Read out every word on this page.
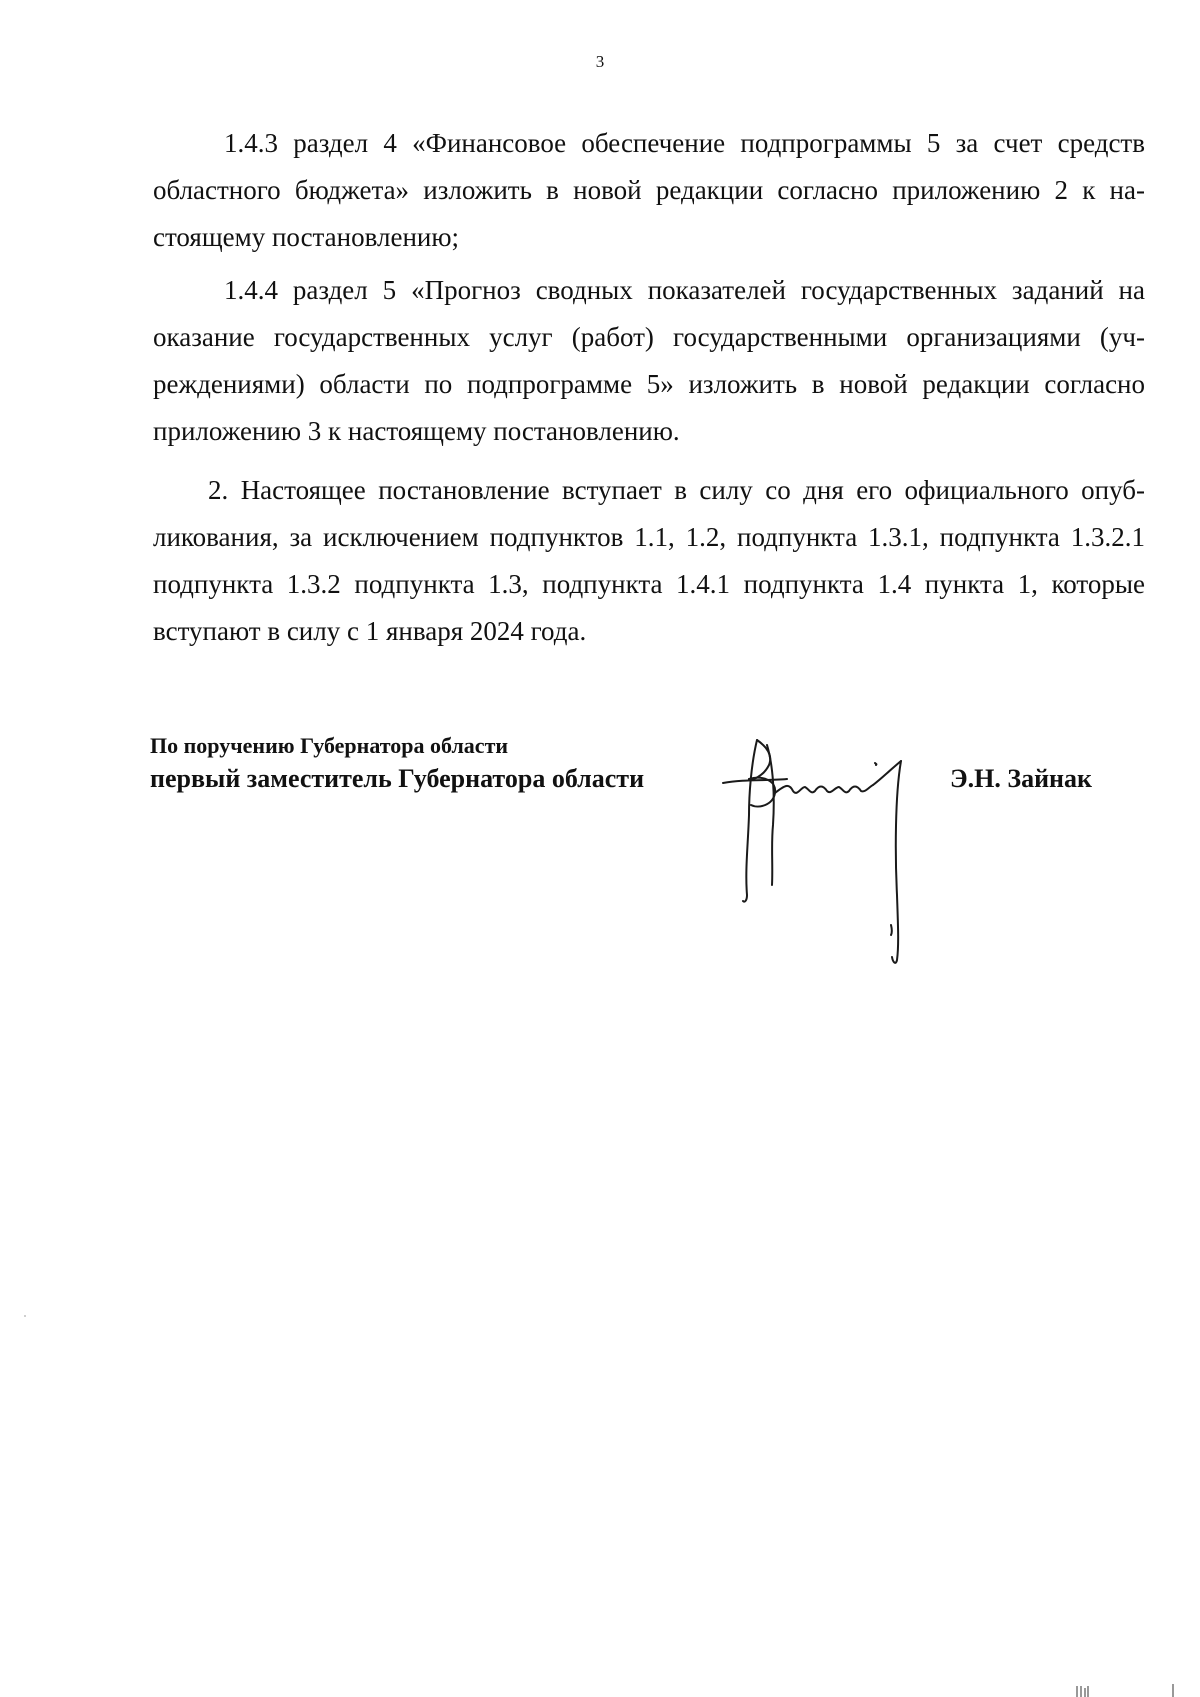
3

1.4.3 раздел 4 «Финансовое обеспечение подпрограммы 5 за счет средств областного бюджета» изложить в новой редакции согласно приложению 2 к настоящему постановлению;

1.4.4 раздел 5 «Прогноз сводных показателей государственных заданий на оказание государственных услуг (работ) государственными организациями (учреждениями) области по подпрограмме 5» изложить в новой редакции согласно приложению 3 к настоящему постановлению.

2. Настоящее постановление вступает в силу со дня его официального опубликования, за исключением подпунктов 1.1, 1.2, подпункта 1.3.1, подпункта 1.3.2.1 подпункта 1.3.2 подпункта 1.3, подпункта 1.4.1 подпункта 1.4 пункта 1, которые вступают в силу с 1 января 2024 года.

По поручению Губернатора области
первый заместитель Губернатора области	Э.Н. Зайнак
